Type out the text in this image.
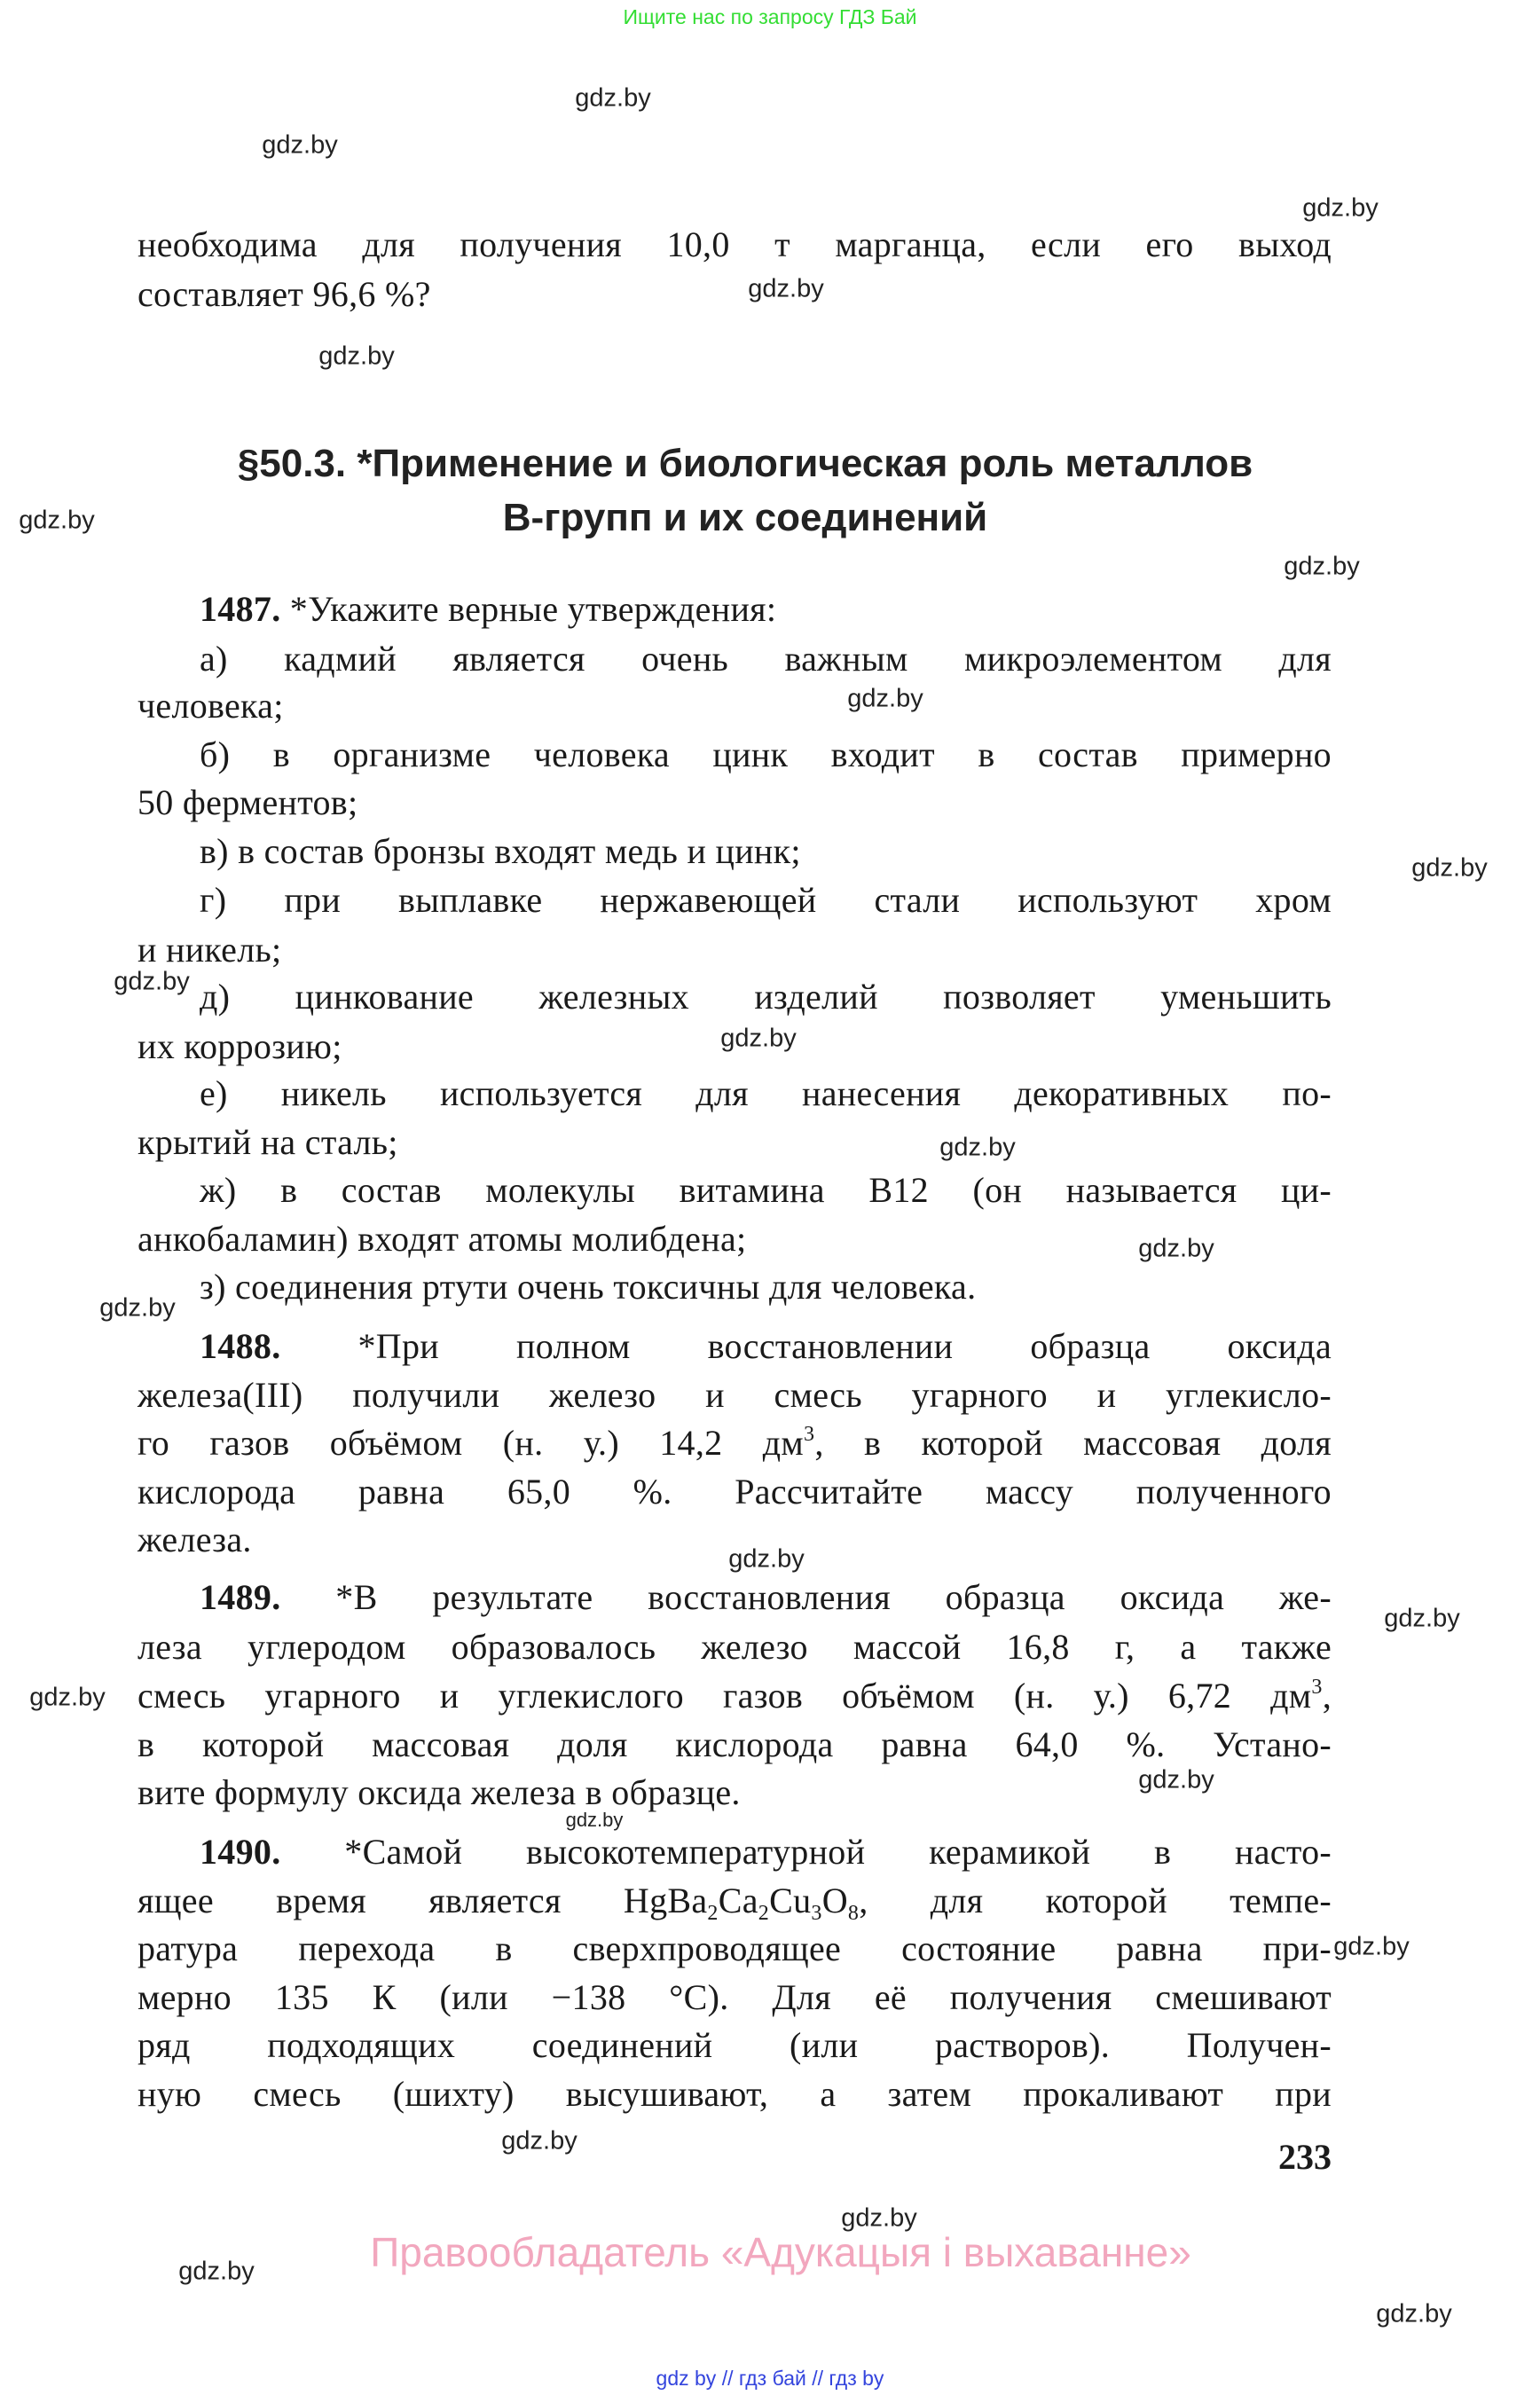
Ищите нас по запросу ГДЗ Бай
необходима для получения 10,0 т марганца, если его выход
составляет 96,6 %?
§50.3. *Применение и биологическая роль металлов
В-групп и их соединений
1487. *Укажите верные утверждения:
а) кадмий является очень важным микроэлементом для
человека;
б) в организме человека цинк входит в состав примерно
50 ферментов;
в) в состав бронзы входят медь и цинк;
г) при выплавке нержавеющей стали используют хром
и никель;
д) цинкование железных изделий позволяет уменьшить
их коррозию;
е) никель используется для нанесения декоративных по-
крытий на сталь;
ж) в состав молекулы витамина B12 (он называется ци-
анкобаламин) входят атомы молибдена;
з) соединения ртути очень токсичны для человека.
1488. *При полном восстановлении образца оксида
железа(III) получили железо и смесь угарного и углекисло-
го газов объёмом (н. у.) 14,2 $дм^3$, в которой массовая доля
кислорода равна 65,0 %. Рассчитайте массу полученного
железа.
1489. *В результате восстановления образца оксида же-
леза углеродом образовалось железо массой 16,8 г, а также
смесь угарного и углекислого газов объёмом (н. у.) 6,72 $дм^3$,
в которой массовая доля кислорода равна 64,0 %. Устано-
вите формулу оксида железа в образце.
1490. *Самой высокотемпературной керамикой в насто-
ящее время является $HgBa_2Ca_2Cu_3O_8$, для которой темпе-
ратура перехода в сверхпроводящее состояние равна при-
мерно 135 К (или −138 °C). Для её получения смешивают
ряд подходящих соединений (или растворов). Получен-
ную смесь (шихту) высушивают, а затем прокаливают при
233
Правообладатель «Адукацыя і выхаванне»
gdz by // гдз бай // гдз by
gdz.by
gdz.by
gdz.by
gdz.by
gdz.by
gdz.by
gdz.by
gdz.by
gdz.by
gdz.by
gdz.by
gdz.by
gdz.by
gdz.by
gdz.by
gdz.by
gdz.by
gdz.by
gdz.by
gdz.by
gdz.by
gdz.by
gdz.by
gdz.by
